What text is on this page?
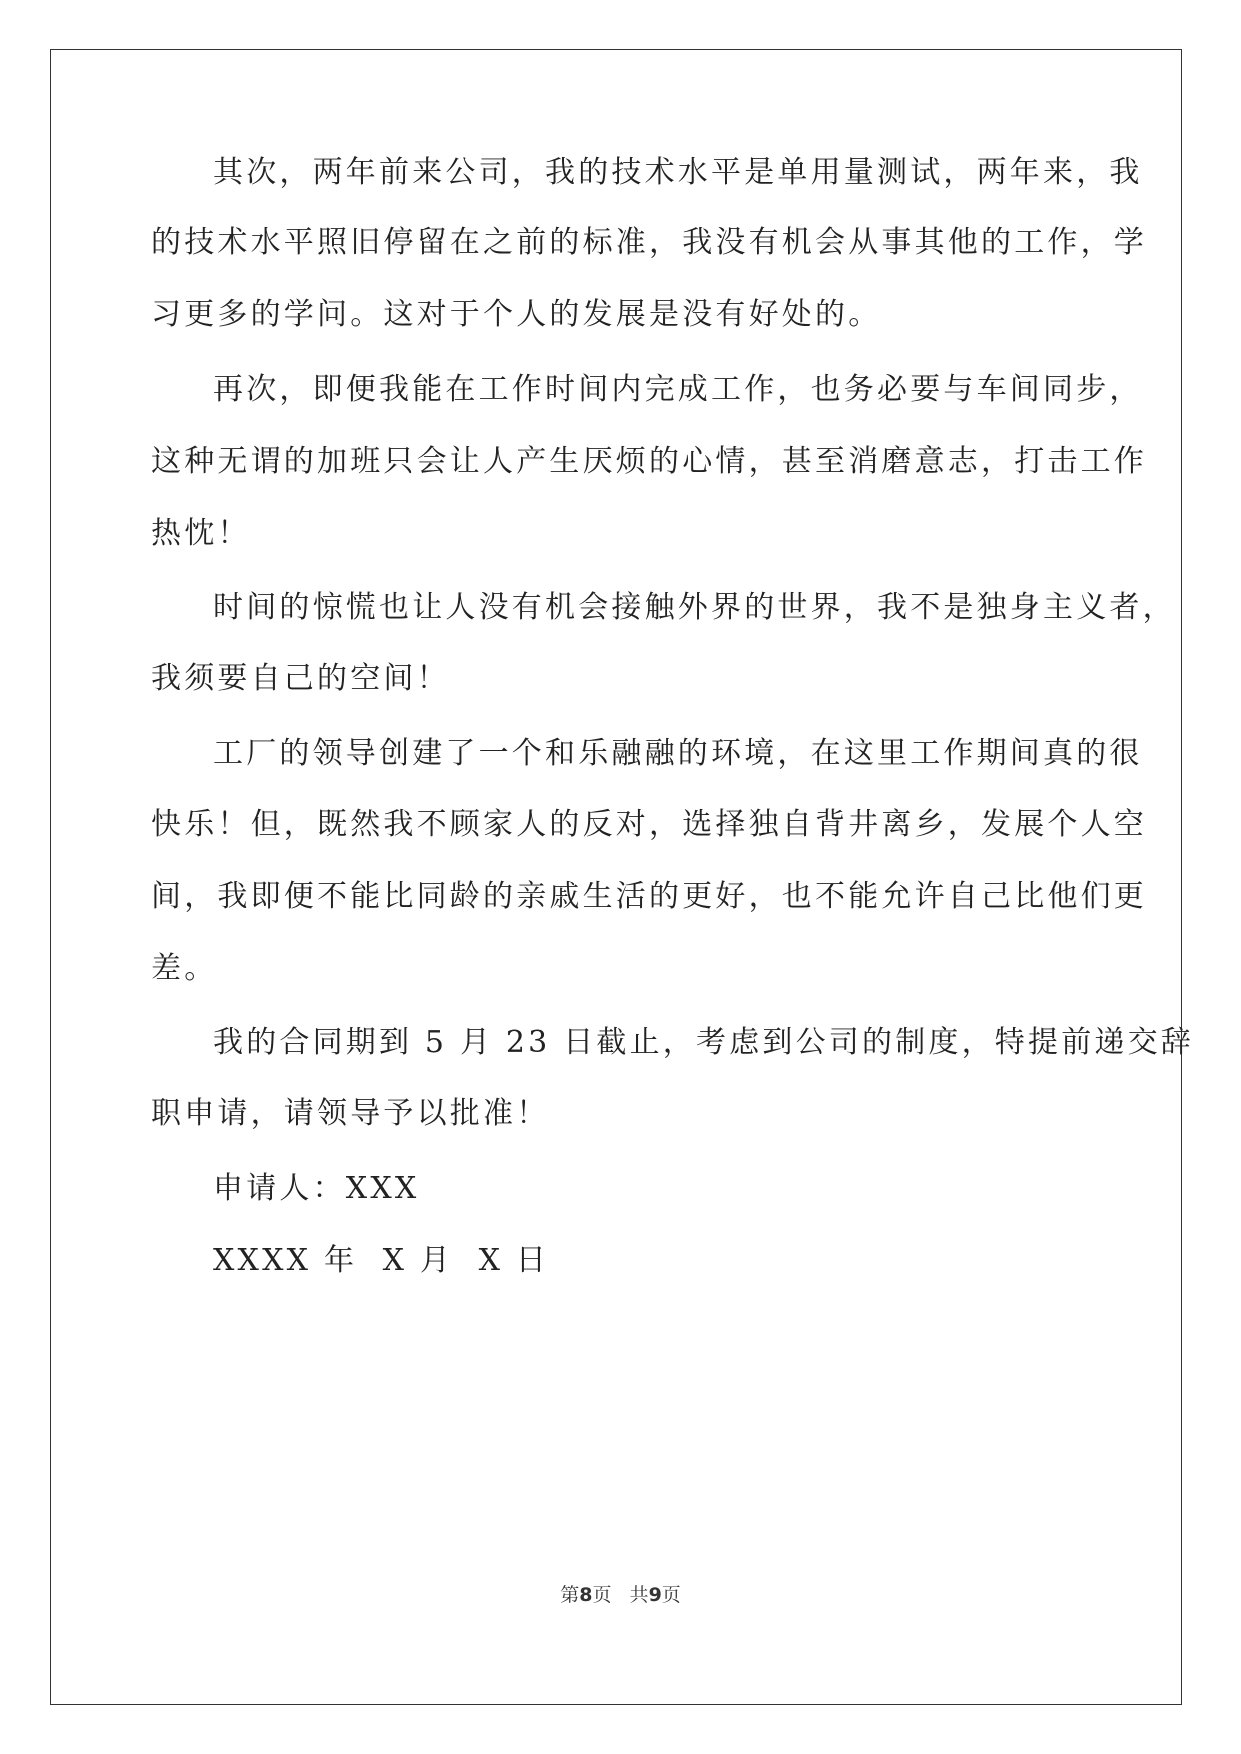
其次，两年前来公司，我的技术水平是单用量测试，两年来，我
的技术水平照旧停留在之前的标准，我没有机会从事其他的工作，学
习更多的学问。这对于个人的发展是没有好处的。
再次，即便我能在工作时间内完成工作，也务必要与车间同步，
这种无谓的加班只会让人产生厌烦的心情，甚至消磨意志，打击工作
热忱！
时间的惊慌也让人没有机会接触外界的世界，我不是独身主义者，
我须要自己的空间！
工厂的领导创建了一个和乐融融的环境，在这里工作期间真的很
快乐！但，既然我不顾家人的反对，选择独自背井离乡，发展个人空
间，我即便不能比同龄的亲戚生活的更好，也不能允许自己比他们更
差。
我的合同期到 5 月 23 日截止，考虑到公司的制度，特提前递交辞
职申请，请领导予以批准！
申请人：XXX
XXXX 年  X 月  X 日
第8页   共9页
